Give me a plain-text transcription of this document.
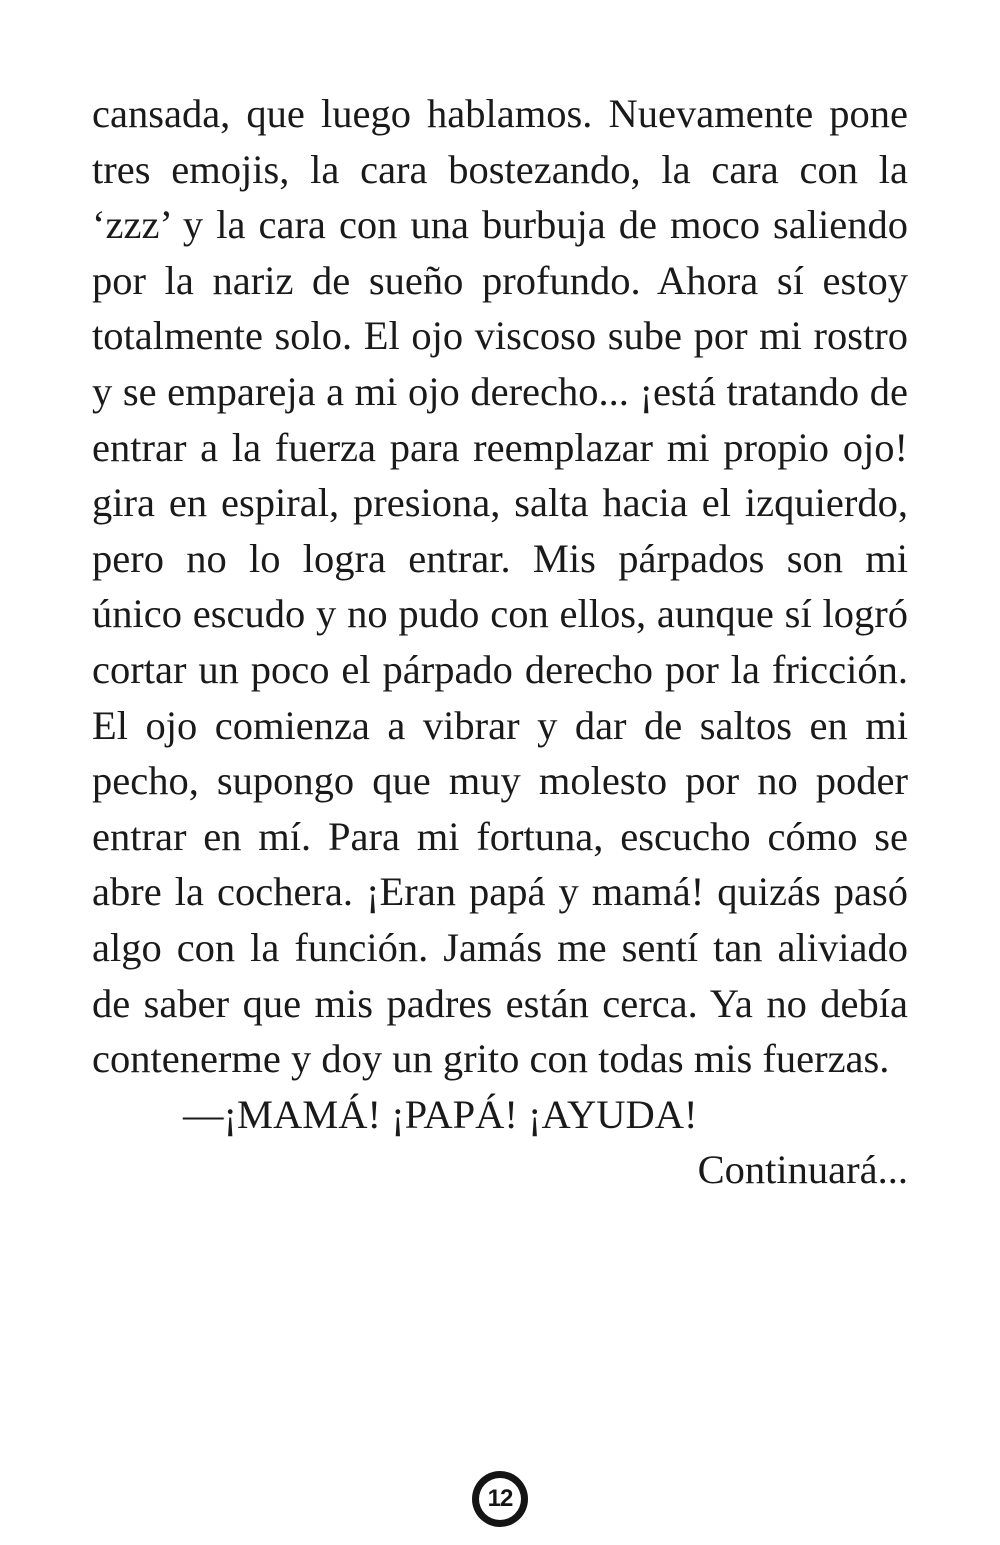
cansada, que luego hablamos. Nuevamente pone tres emojis, la cara bostezando, la cara con la ‘zzz’ y la cara con una burbuja de moco saliendo por la nariz de sueño profundo. Ahora sí estoy totalmente solo. El ojo viscoso sube por mi rostro y se empareja a mi ojo derecho... ¡está tratando de entrar a la fuerza para reemplazar mi propio ojo! gira en espiral, presiona, salta hacia el izquierdo, pero no lo logra entrar. Mis párpados son mi único escudo y no pudo con ellos, aunque sí logró cortar un poco el párpado derecho por la fricción. El ojo comienza a vibrar y dar de saltos en mi pecho, supongo que muy molesto por no poder entrar en mí. Para mi fortuna, escucho cómo se abre la cochera. ¡Eran papá y mamá! quizás pasó algo con la función. Jamás me sentí tan aliviado de saber que mis padres están cerca. Ya no debía contenerme y doy un grito con todas mis fuerzas.

—¡MAMÁ! ¡PAPÁ! ¡AYUDA!

Continuará...

12
